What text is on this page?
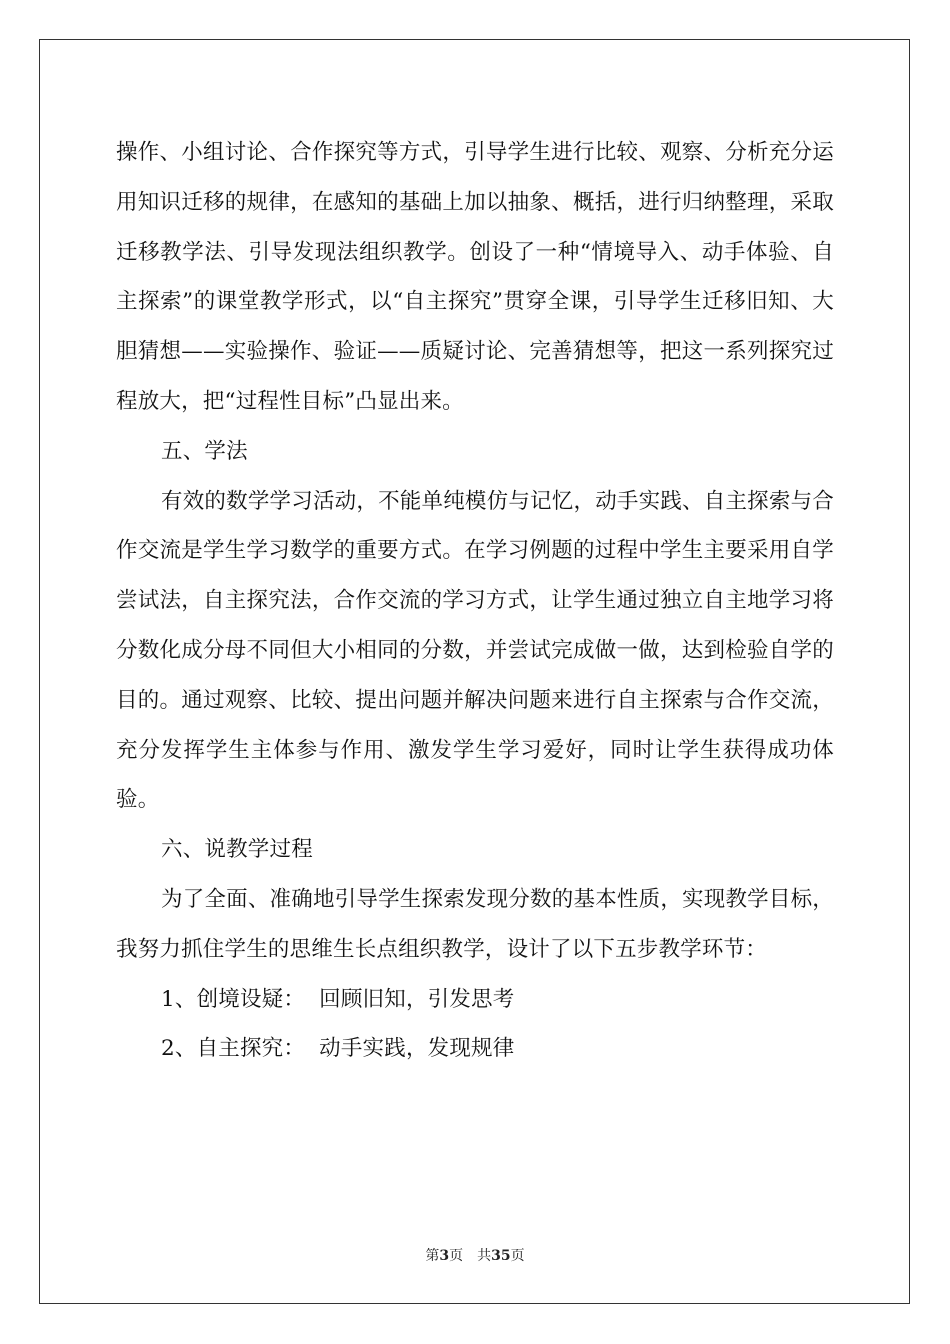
操作、小组讨论、合作探究等方式，引导学生进行比较、观察、分析充分运用知识迁移的规律，在感知的基础上加以抽象、概括，进行归纳整理，采取迁移教学法、引导发现法组织教学。创设了一种“情境导入、动手体验、自主探索”的课堂教学形式，以“自主探究”贯穿全课，引导学生迁移旧知、大胆猜想——实验操作、验证——质疑讨论、完善猜想等，把这一系列探究过程放大，把“过程性目标”凸显出来。

五、学法

有效的数学学习活动，不能单纯模仿与记忆，动手实践、自主探索与合作交流是学生学习数学的重要方式。在学习例题的过程中学生主要采用自学尝试法，自主探究法，合作交流的学习方式，让学生通过独立自主地学习将分数化成分母不同但大小相同的分数，并尝试完成做一做，达到检验自学的目的。通过观察、比较、提出问题并解决问题来进行自主探索与合作交流，充分发挥学生主体参与作用、激发学生学习爱好，同时让学生获得成功体验。

六、说教学过程

为了全面、准确地引导学生探索发现分数的基本性质，实现教学目标，我努力抓住学生的思维生长点组织教学，设计了以下五步教学环节：

1、创境设疑：  回顾旧知，引发思考

2、自主探究：  动手实践，发现规律

第3页 共35页
